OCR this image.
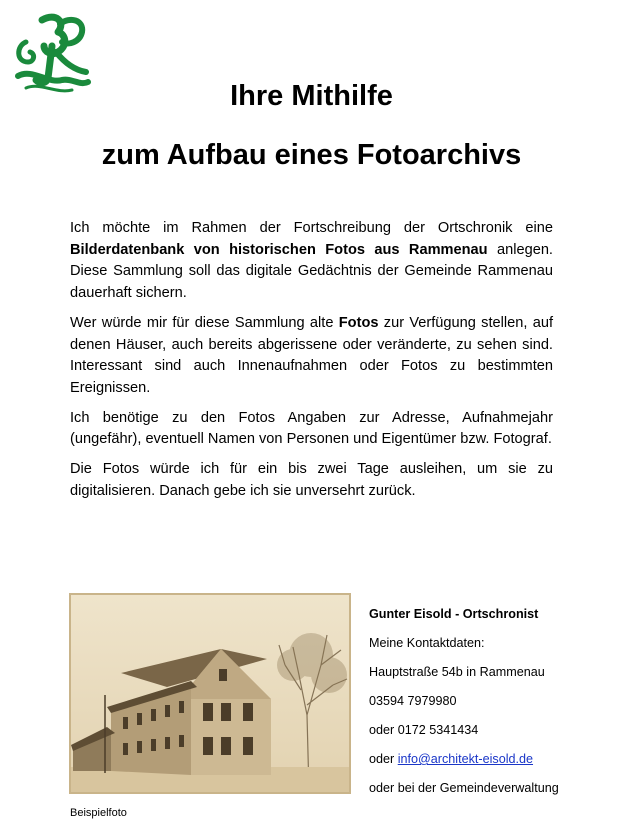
Ihre Mithilfe
zum Aufbau eines Fotoarchivs

Ich möchte im Rahmen der Fortschreibung der Ortschronik eine Bilderdatenbank von historischen Fotos aus Rammenau anlegen. Diese Sammlung soll das digitale Gedächtnis der Gemeinde Rammenau dauerhaft sichern.

Wer würde mir für diese Sammlung alte Fotos zur Verfügung stellen, auf denen Häuser, auch bereits abgerissene oder veränderte, zu sehen sind. Interessant sind auch Innenaufnahmen oder Fotos zu bestimmten Ereignissen.

Ich benötige zu den Fotos Angaben zur Adresse, Aufnahmejahr (ungefähr), eventuell Namen von Personen und Eigentümer bzw. Fotograf.

Die Fotos würde ich für ein bis zwei Tage ausleihen, um sie zu digitalisieren. Danach gebe ich sie unversehrt zurück.

Beispielfoto
Gunter Eisold - Ortschronist
Meine Kontaktdaten:
Hauptstraße 54b in Rammenau
03594 7979980
oder 0172 5341434
oder info@architekt-eisold.de
oder bei der Gemeindeverwaltung
